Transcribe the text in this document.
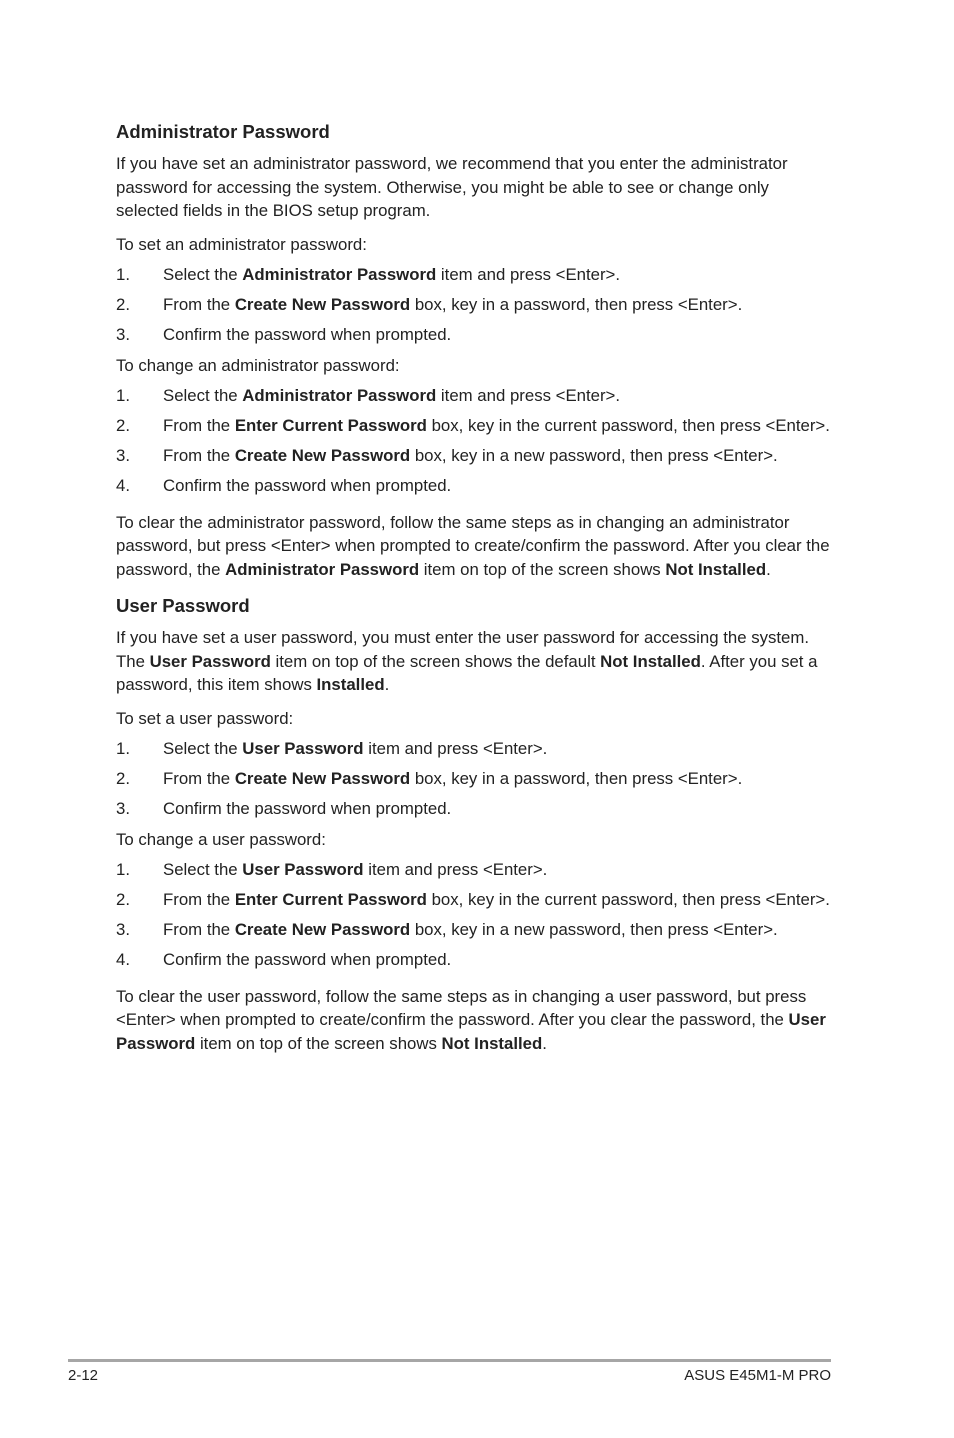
Administrator Password

If you have set an administrator password, we recommend that you enter the administrator password for accessing the system. Otherwise, you might be able to see or change only selected fields in the BIOS setup program.

To set an administrator password:

1.	Select the Administrator Password item and press <Enter>.
2.	From the Create New Password box, key in a password, then press <Enter>.
3.	Confirm the password when prompted.

To change an administrator password:

1.	Select the Administrator Password item and press <Enter>.
2.	From the Enter Current Password box, key in the current password, then press <Enter>.
3.	From the Create New Password box, key in a new password, then press <Enter>.
4.	Confirm the password when prompted.

To clear the administrator password, follow the same steps as in changing an administrator password, but press <Enter> when prompted to create/confirm the password. After you clear the password, the Administrator Password item on top of the screen shows Not Installed.

User Password

If you have set a user password, you must enter the user password for accessing the system. The User Password item on top of the screen shows the default Not Installed. After you set a password, this item shows Installed.

To set a user password:

1.	Select the User Password item and press <Enter>.
2.	From the Create New Password box, key in a password, then press <Enter>.
3.	Confirm the password when prompted.

To change a user password:

1.	Select the User Password item and press <Enter>.
2.	From the Enter Current Password box, key in the current password, then press <Enter>.
3.	From the Create New Password box, key in a new password, then press <Enter>.
4.	Confirm the password when prompted.

To clear the user password, follow the same steps as in changing a user password, but press <Enter> when prompted to create/confirm the password. After you clear the password, the User Password item on top of the screen shows Not Installed.

2-12	ASUS E45M1-M PRO
